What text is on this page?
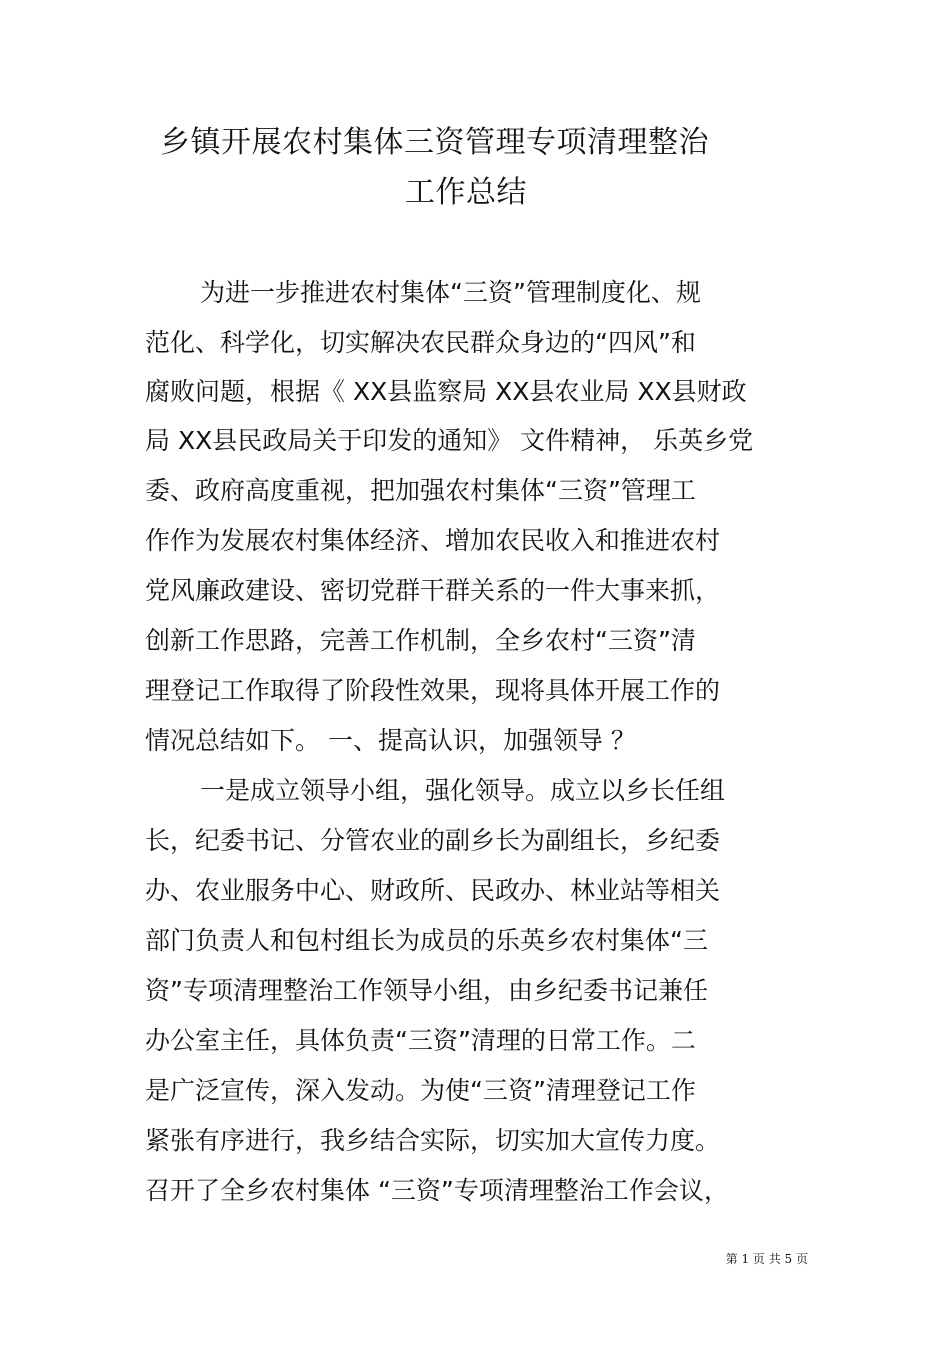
乡镇开展农村集体三资管理专项清理整治
工作总结
为进一步推进农村集体“三资”管理制度化、规
范化、科学化，切实解决农民群众身边的“四风”和
腐败问题，根据《 XX县监察局 XX县农业局 XX县财政
局 XX县民政局关于印发的通知》 文件精神， 乐英乡党
委、政府高度重视，把加强农村集体“三资”管理工
作作为发展农村集体经济、增加农民收入和推进农村
党风廉政建设、密切党群干群关系的一件大事来抓，
创新工作思路，完善工作机制，全乡农村“三资”清
理登记工作取得了阶段性效果，现将具体开展工作的
情况总结如下。 一、提高认识，加强领导 ？
一是成立领导小组，强化领导。成立以乡长任组
长，纪委书记、分管农业的副乡长为副组长，乡纪委
办、农业服务中心、财政所、民政办、林业站等相关
部门负责人和包村组长为成员的乐英乡农村集体“三
资”专项清理整治工作领导小组，由乡纪委书记兼任
办公室主任，具体负责“三资”清理的日常工作。二
是广泛宣传，深入发动。为使“三资”清理登记工作
紧张有序进行，我乡结合实际，切实加大宣传力度。
召开了全乡农村集体 “三资”专项清理整治工作会议，
第 1 页 共 5 页
